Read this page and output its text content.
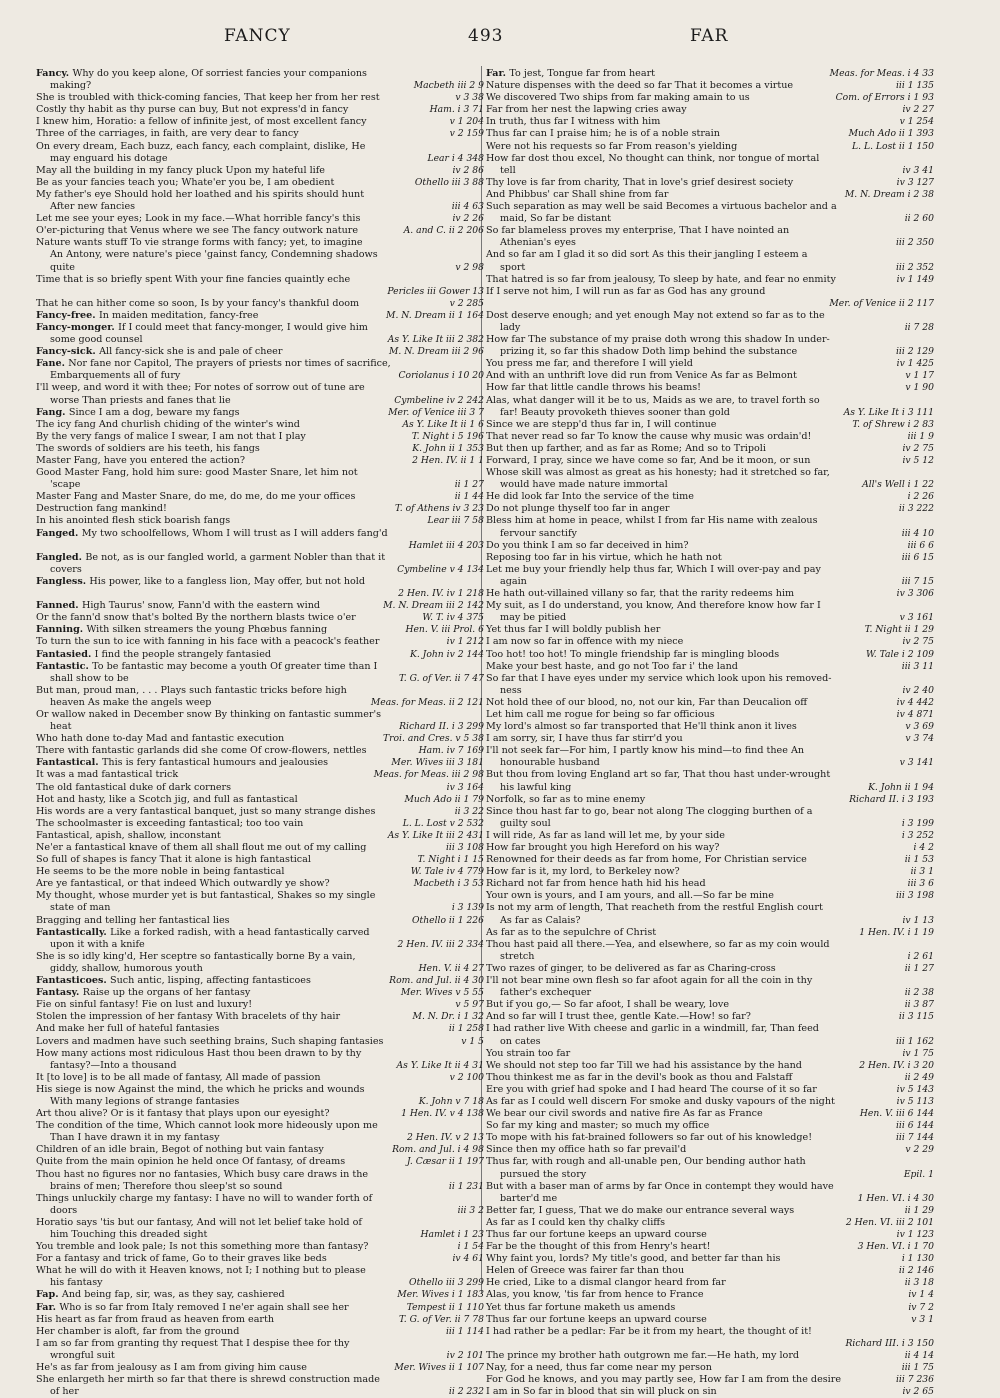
FANCY	493	FAR
Fancy. Why do you keep alone, Of sorriest fancies your companions
making?	Macbeth iii 2 9
She is troubled with thick-coming fancies, That keep her from her rest	v 3 38
Costly thy habit as thy purse can buy, But not express'd in fancy	Ham. i 3 71
I knew him, Horatio: a fellow of infinite jest, of most excellent fancy	v 1 204
Three of the carriages, in faith, are very dear to fancy	v 2 159
On every dream, Each buzz, each fancy, each complaint, dislike, He
may enguard his dotage	Lear i 4 348
May all the building in my fancy pluck Upon my hateful life	iv 2 86
Be as your fancies teach you; Whate'er you be, I am obedient	Othello iii 3 88
My father's eye Should hold her loathed and his spirits should hunt
After new fancies	iii 4 63
Let me see your eyes; Look in my face.—What horrible fancy's this	iv 2 26
O'er-picturing that Venus where we see The fancy outwork nature	A. and C. ii 2 206
Nature wants stuff To vie strange forms with fancy; yet, to imagine
An Antony, were nature's piece 'gainst fancy, Condemning shadows
quite	v 2 98
Time that is so briefly spent With your fine fancies quaintly eche
Pericles iii Gower 13
That he can hither come so soon, Is by your fancy's thankful doom	v 2 285
Fancy-free. In maiden meditation, fancy-free	M. N. Dream ii 1 164
Fancy-monger. If I could meet that fancy-monger, I would give him
some good counsel	As Y. Like It iii 2 382
Fancy-sick. All fancy-sick she is and pale of cheer	M. N. Dream iii 2 96
Fane. Nor fane nor Capitol, The prayers of priests nor times of sacrifice,
Embarquements all of fury	Coriolanus i 10 20
I'll weep, and word it with thee; For notes of sorrow out of tune are
worse Than priests and fanes that lie	Cymbeline iv 2 242
Fang. Since I am a dog, beware my fangs	Mer. of Venice iii 3 7
The icy fang And churlish chiding of the winter's wind	As Y. Like It ii 1 6
By the very fangs of malice I swear, I am not that I play	T. Night i 5 196
The swords of soldiers are his teeth, his fangs	K. John ii 1 353
Master Fang, have you entered the action?	2 Hen. IV. ii 1 1
Good Master Fang, hold him sure: good Master Snare, let him not
'scape	ii 1 27
Master Fang and Master Snare, do me, do me, do me your offices	ii 1 44
Destruction fang mankind!	T. of Athens iv 3 23
In his anointed flesh stick boarish fangs	Lear iii 7 58
Fanged. My two schoolfellows, Whom I will trust as I will adders fang'd
Hamlet iii 4 203
Fangled. Be not, as is our fangled world, a garment Nobler than that it
covers	Cymbeline v 4 134
Fangless. His power, like to a fangless lion, May offer, but not hold
2 Hen. IV. iv 1 218
Fanned. High Taurus' snow, Fann'd with the eastern wind	M. N. Dream iii 2 142
Or the fann'd snow that's bolted By the northern blasts twice o'er	W. T. iv 4 375
Fanning. With silken streamers the young Phœbus fanning	Hen. V. iii Prol. 6
To turn the sun to ice with fanning in his face with a peacock's feather	iv 1 212
Fantasied. I find the people strangely fantasied	K. John iv 2 144
Fantastic. To be fantastic may become a youth Of greater time than I
shall show to be	T. G. of Ver. ii 7 47
But man, proud man, . . . Plays such fantastic tricks before high
heaven As make the angels weep	Meas. for Meas. ii 2 121
Or wallow naked in December snow By thinking on fantastic summer's
heat	Richard II. i 3 299
Who hath done to-day Mad and fantastic execution	Troi. and Cres. v 5 38
There with fantastic garlands did she come Of crow-flowers, nettles	Ham. iv 7 169
Fantastical. This is fery fantastical humours and jealousies	Mer. Wives iii 3 181
It was a mad fantastical trick	Meas. for Meas. iii 2 98
The old fantastical duke of dark corners	iv 3 164
Hot and hasty, like a Scotch jig, and full as fantastical	Much Ado ii 1 79
His words are a very fantastical banquet, just so many strange dishes	ii 3 22
The schoolmaster is exceeding fantastical; too too vain	L. L. Lost v 2 532
Fantastical, apish, shallow, inconstant	As Y. Like It iii 2 431
Ne'er a fantastical knave of them all shall flout me out of my calling	iii 3 108
So full of shapes is fancy That it alone is high fantastical	T. Night i 1 15
He seems to be the more noble in being fantastical	W. Tale iv 4 779
Are ye fantastical, or that indeed Which outwardly ye show?	Macbeth i 3 53
My thought, whose murder yet is but fantastical, Shakes so my single
state of man	i 3 139
Bragging and telling her fantastical lies	Othello ii 1 226
Fantastically. Like a forked radish, with a head fantastically carved
upon it with a knife	2 Hen. IV. iii 2 334
She is so idly king'd, Her sceptre so fantastically borne By a vain,
giddy, shallow, humorous youth	Hen. V. ii 4 27
Fantasticoes. Such antic, lisping, affecting fantasticoes	Rom. and Jul. ii 4 30
Fantasy. Raise up the organs of her fantasy	Mer. Wives v 5 55
Fie on sinful fantasy! Fie on lust and luxury!	v 5 97
Stolen the impression of her fantasy With bracelets of thy hair	M. N. Dr. i 1 32
And make her full of hateful fantasies	ii 1 258
Lovers and madmen have such seething brains, Such shaping fantasies	v 1 5
How many actions most ridiculous Hast thou been drawn to by thy
fantasy?—Into a thousand	As Y. Like It ii 4 31
It [to love] is to be all made of fantasy, All made of passion	v 2 100
His siege is now Against the mind, the which he pricks and wounds
With many legions of strange fantasies	K. John v 7 18
Art thou alive? Or is it fantasy that plays upon our eyesight?	1 Hen. IV. v 4 138
The condition of the time, Which cannot look more hideously upon me
Than I have drawn it in my fantasy	2 Hen. IV. v 2 13
Children of an idle brain, Begot of nothing but vain fantasy	Rom. and Jul. i 4 98
Quite from the main opinion he held once Of fantasy, of dreams	J. Cæsar ii 1 197
Thou hast no figures nor no fantasies, Which busy care draws in the
brains of men; Therefore thou sleep'st so sound	ii 1 231
Things unluckily charge my fantasy: I have no will to wander forth of
doors	iii 3 2
Horatio says 'tis but our fantasy, And will not let belief take hold of
him Touching this dreaded sight	Hamlet i 1 23
You tremble and look pale; Is not this something more than fantasy?	i 1 54
For a fantasy and trick of fame, Go to their graves like beds	iv 4 61
What he will do with it Heaven knows, not I; I nothing but to please
his fantasy	Othello iii 3 299
Fap. And being fap, sir, was, as they say, cashiered	Mer. Wives i 1 183
Far. Who is so far from Italy removed I ne'er again shall see her	Tempest ii 1 110
His heart as far from fraud as heaven from earth	T. G. of Ver. ii 7 78
Her chamber is aloft, far from the ground	iii 1 114
I am so far from granting thy request That I despise thee for thy
wrongful suit	iv 2 101
He's as far from jealousy as I am from giving him cause	Mer. Wives ii 1 107
She enlargeth her mirth so far that there is shrewd construction made
of her	ii 2 232
Far. To jest, Tongue far from heart	Meas. for Meas. i 4 33
Nature dispenses with the deed so far That it becomes a virtue	iii 1 135
We discovered Two ships from far making amain to us	Com. of Errors i 1 93
Far from her nest the lapwing cries away	iv 2 27
In truth, thus far I witness with him	v 1 254
Thus far can I praise him; he is of a noble strain	Much Ado ii 1 393
Were not his requests so far From reason's yielding	L. L. Lost ii 1 150
How far dost thou excel, No thought can think, nor tongue of mortal
tell	iv 3 41
Thy love is far from charity, That in love's grief desirest society	iv 3 127
And Phibbus' car Shall shine from far	M. N. Dream i 2 38
Such separation as may well be said Becomes a virtuous bachelor and a
maid, So far be distant	ii 2 60
So far blameless proves my enterprise, That I have nointed an
Athenian's eyes	iii 2 350
And so far am I glad it so did sort As this their jangling I esteem a
sport	iii 2 352
That hatred is so far from jealousy, To sleep by hate, and fear no enmity	iv 1 149
If I serve not him, I will run as far as God has any ground
Mer. of Venice ii 2 117
Dost deserve enough; and yet enough May not extend so far as to the
lady	ii 7 28
How far The substance of my praise doth wrong this shadow In under-
prizing it, so far this shadow Doth limp behind the substance	iii 2 129
You press me far, and therefore I will yield	iv 1 425
And with an unthrift love did run from Venice As far as Belmont	v 1 17
How far that little candle throws his beams!	v 1 90
Alas, what danger will it be to us, Maids as we are, to travel forth so
far! Beauty provoketh thieves sooner than gold	As Y. Like It i 3 111
Since we are stepp'd thus far in, I will continue	T. of Shrew i 2 83
That never read so far To know the cause why music was ordain'd!	iii 1 9
But then up farther, and as far as Rome; And so to Tripoli	iv 2 75
Forward, I pray, since we have come so far, And be it moon, or sun	iv 5 12
Whose skill was almost as great as his honesty; had it stretched so far,
would have made nature immortal	All's Well i 1 22
He did look far Into the service of the time	i 2 26
Do not plunge thyself too far in anger	ii 3 222
Bless him at home in peace, whilst I from far His name with zealous
fervour sanctify	iii 4 10
Do you think I am so far deceived in him?	iii 6 6
Reposing too far in his virtue, which he hath not	iii 6 15
Let me buy your friendly help thus far, Which I will over-pay and pay
again	iii 7 15
He hath out-villained villany so far, that the rarity redeems him	iv 3 306
My suit, as I do understand, you know, And therefore know how far I
may be pitied	v 3 161
Yet thus far I will boldly publish her	T. Night ii 1 29
I am now so far in offence with my niece	iv 2 75
Too hot! too hot! To mingle friendship far is mingling bloods	W. Tale i 2 109
Make your best haste, and go not Too far i' the land	iii 3 11
So far that I have eyes under my service which look upon his removed-
ness	iv 2 40
Not hold thee of our blood, no, not our kin, Far than Deucalion off	iv 4 442
Let him call me rogue for being so far officious	iv 4 871
My lord's almost so far transported that He'll think anon it lives	v 3 69
I am sorry, sir, I have thus far stirr'd you	v 3 74
I'll not seek far—For him, I partly know his mind—to find thee An
honourable husband	v 3 141
But thou from loving England art so far, That thou hast under-wrought
his lawful king	K. John ii 1 94
Norfolk, so far as to mine enemy	Richard II. i 3 193
Since thou hast far to go, bear not along The clogging burthen of a
guilty soul	i 3 199
I will ride, As far as land will let me, by your side	i 3 252
How far brought you high Hereford on his way?	i 4 2
Renowned for their deeds as far from home, For Christian service	ii 1 53
How far is it, my lord, to Berkeley now?	ii 3 1
Richard not far from hence hath hid his head	iii 3 6
Your own is yours, and I am yours, and all.—So far be mine	iii 3 198
Is not my arm of length, That reacheth from the restful English court
As far as Calais?	iv 1 13
As far as to the sepulchre of Christ	1 Hen. IV. i 1 19
Thou hast paid all there.—Yea, and elsewhere, so far as my coin would
stretch	i 2 61
Two razes of ginger, to be delivered as far as Charing-cross	ii 1 27
I'll not bear mine own flesh so far afoot again for all the coin in thy
father's exchequer	ii 2 38
But if you go,— So far afoot, I shall be weary, love	ii 3 87
And so far will I trust thee, gentle Kate.—How! so far?	ii 3 115
I had rather live With cheese and garlic in a windmill, far, Than feed
on cates	iii 1 162
You strain too far	iv 1 75
We should not step too far Till we had his assistance by the hand	2 Hen. IV. i 3 20
Thou thinkest me as far in the devil's book as thou and Falstaff	ii 2 49
Ere you with grief had spoke and I had heard The course of it so far	iv 5 143
As far as I could well discern For smoke and dusky vapours of the night	iv 5 113
We bear our civil swords and native fire As far as France	Hen. V. iii 6 144
So far my king and master; so much my office	iii 6 144
To mope with his fat-brained followers so far out of his knowledge!	iii 7 144
Since then my office hath so far prevail'd	v 2 29
Thus far, with rough and all-unable pen, Our bending author hath
pursued the story	Epil. 1
But with a baser man of arms by far Once in contempt they would have
barter'd me	1 Hen. VI. i 4 30
Better far, I guess, That we do make our entrance several ways	ii 1 29
As far as I could ken thy chalky cliffs	2 Hen. VI. iii 2 101
Thus far our fortune keeps an upward course	iv 1 123
Far be the thought of this from Henry's heart!	3 Hen. VI. i 1 70
Why faint you, lords? My title's good, and better far than his	i 1 130
Helen of Greece was fairer far than thou	ii 2 146
He cried, Like to a dismal clangor heard from far	ii 3 18
Alas, you know, 'tis far from hence to France	iv 1 4
Yet thus far fortune maketh us amends	iv 7 2
Thus far our fortune keeps an upward course	v 3 1
I had rather be a pedlar: Far be it from my heart, the thought of it!
Richard III. i 3 150
The prince my brother hath outgrown me far.—He hath, my lord	ii 4 14
Nay, for a need, thus far come near my person	iii 1 75
For God he knows, and you may partly see, How far I am from the desire	iii 7 236
I am in So far in blood that sin will pluck on sin	iv 2 65
